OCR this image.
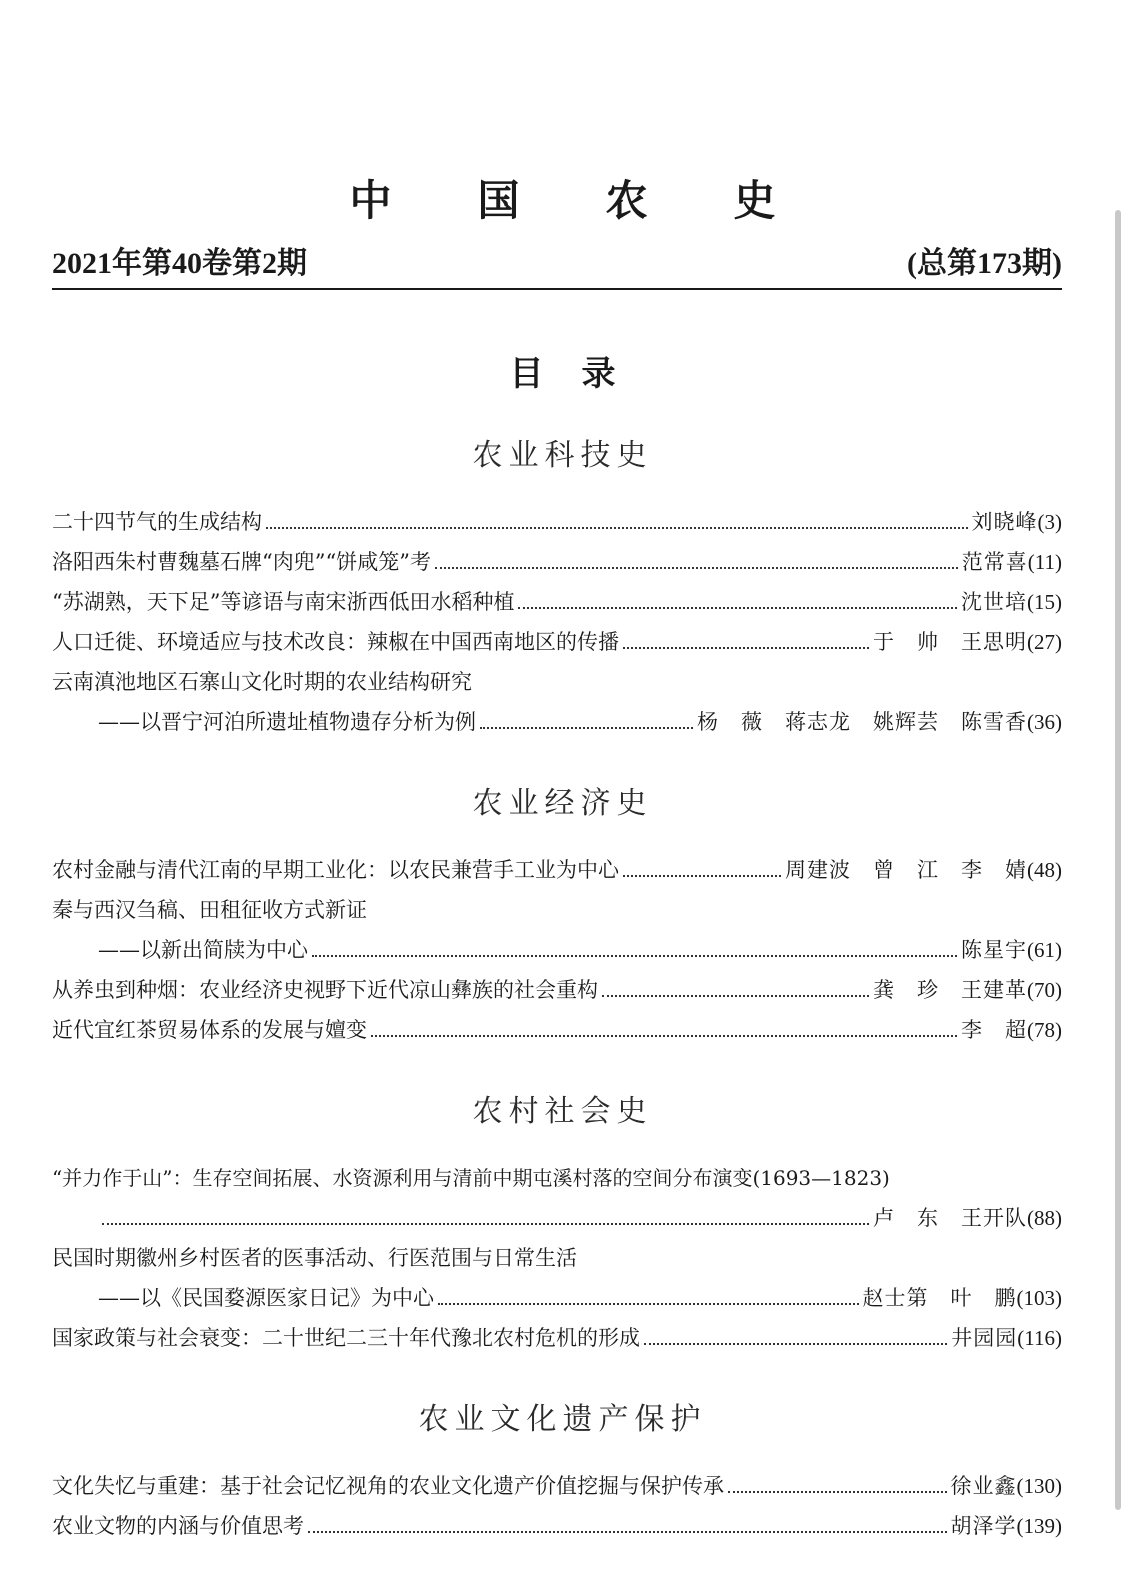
中 国 农 史
2021年第40卷第2期	(总第173期)
目 录
农业科技史
二十四节气的生成结构	刘晓峰 (3)
洛阳西朱村曹魏墓石牌“肉兜”“饼咸笼”考	范常喜 (11)
“苏湖熟，天下足”等谚语与南宋浙西低田水稻种植	沈世培 (15)
人口迁徙、环境适应与技术改良：辣椒在中国西南地区的传播	于　帅　王思明 (27)
云南滇池地区石寨山文化时期的农业结构研究
——以晋宁河泊所遗址植物遗存分析为例	杨　薇　蒋志龙　姚辉芸　陈雪香 (36)
农业经济史
农村金融与清代江南的早期工业化：以农民兼营手工业为中心	周建波　曾　江　李　婧 (48)
秦与西汉刍稿、田租征收方式新证
——以新出简牍为中心	陈星宇 (61)
从养虫到种烟：农业经济史视野下近代凉山彝族的社会重构	龚　珍　王建革 (70)
近代宜红茶贸易体系的发展与嬗变	李　超 (78)
农村社会史
“并力作于山”：生存空间拓展、水资源利用与清前中期屯溪村落的空间分布演变(1693—1823)
卢　东　王开队 (88)
民国时期徽州乡村医者的医事活动、行医范围与日常生活
——以《民国婺源医家日记》为中心	赵士第　叶　鹏 (103)
国家政策与社会衰变：二十世纪二三十年代豫北农村危机的形成	井园园 (116)
农业文化遗产保护
文化失忆与重建：基于社会记忆视角的农业文化遗产价值挖掘与保护传承	徐业鑫 (130)
农业文物的内涵与价值思考	胡泽学 (139)
